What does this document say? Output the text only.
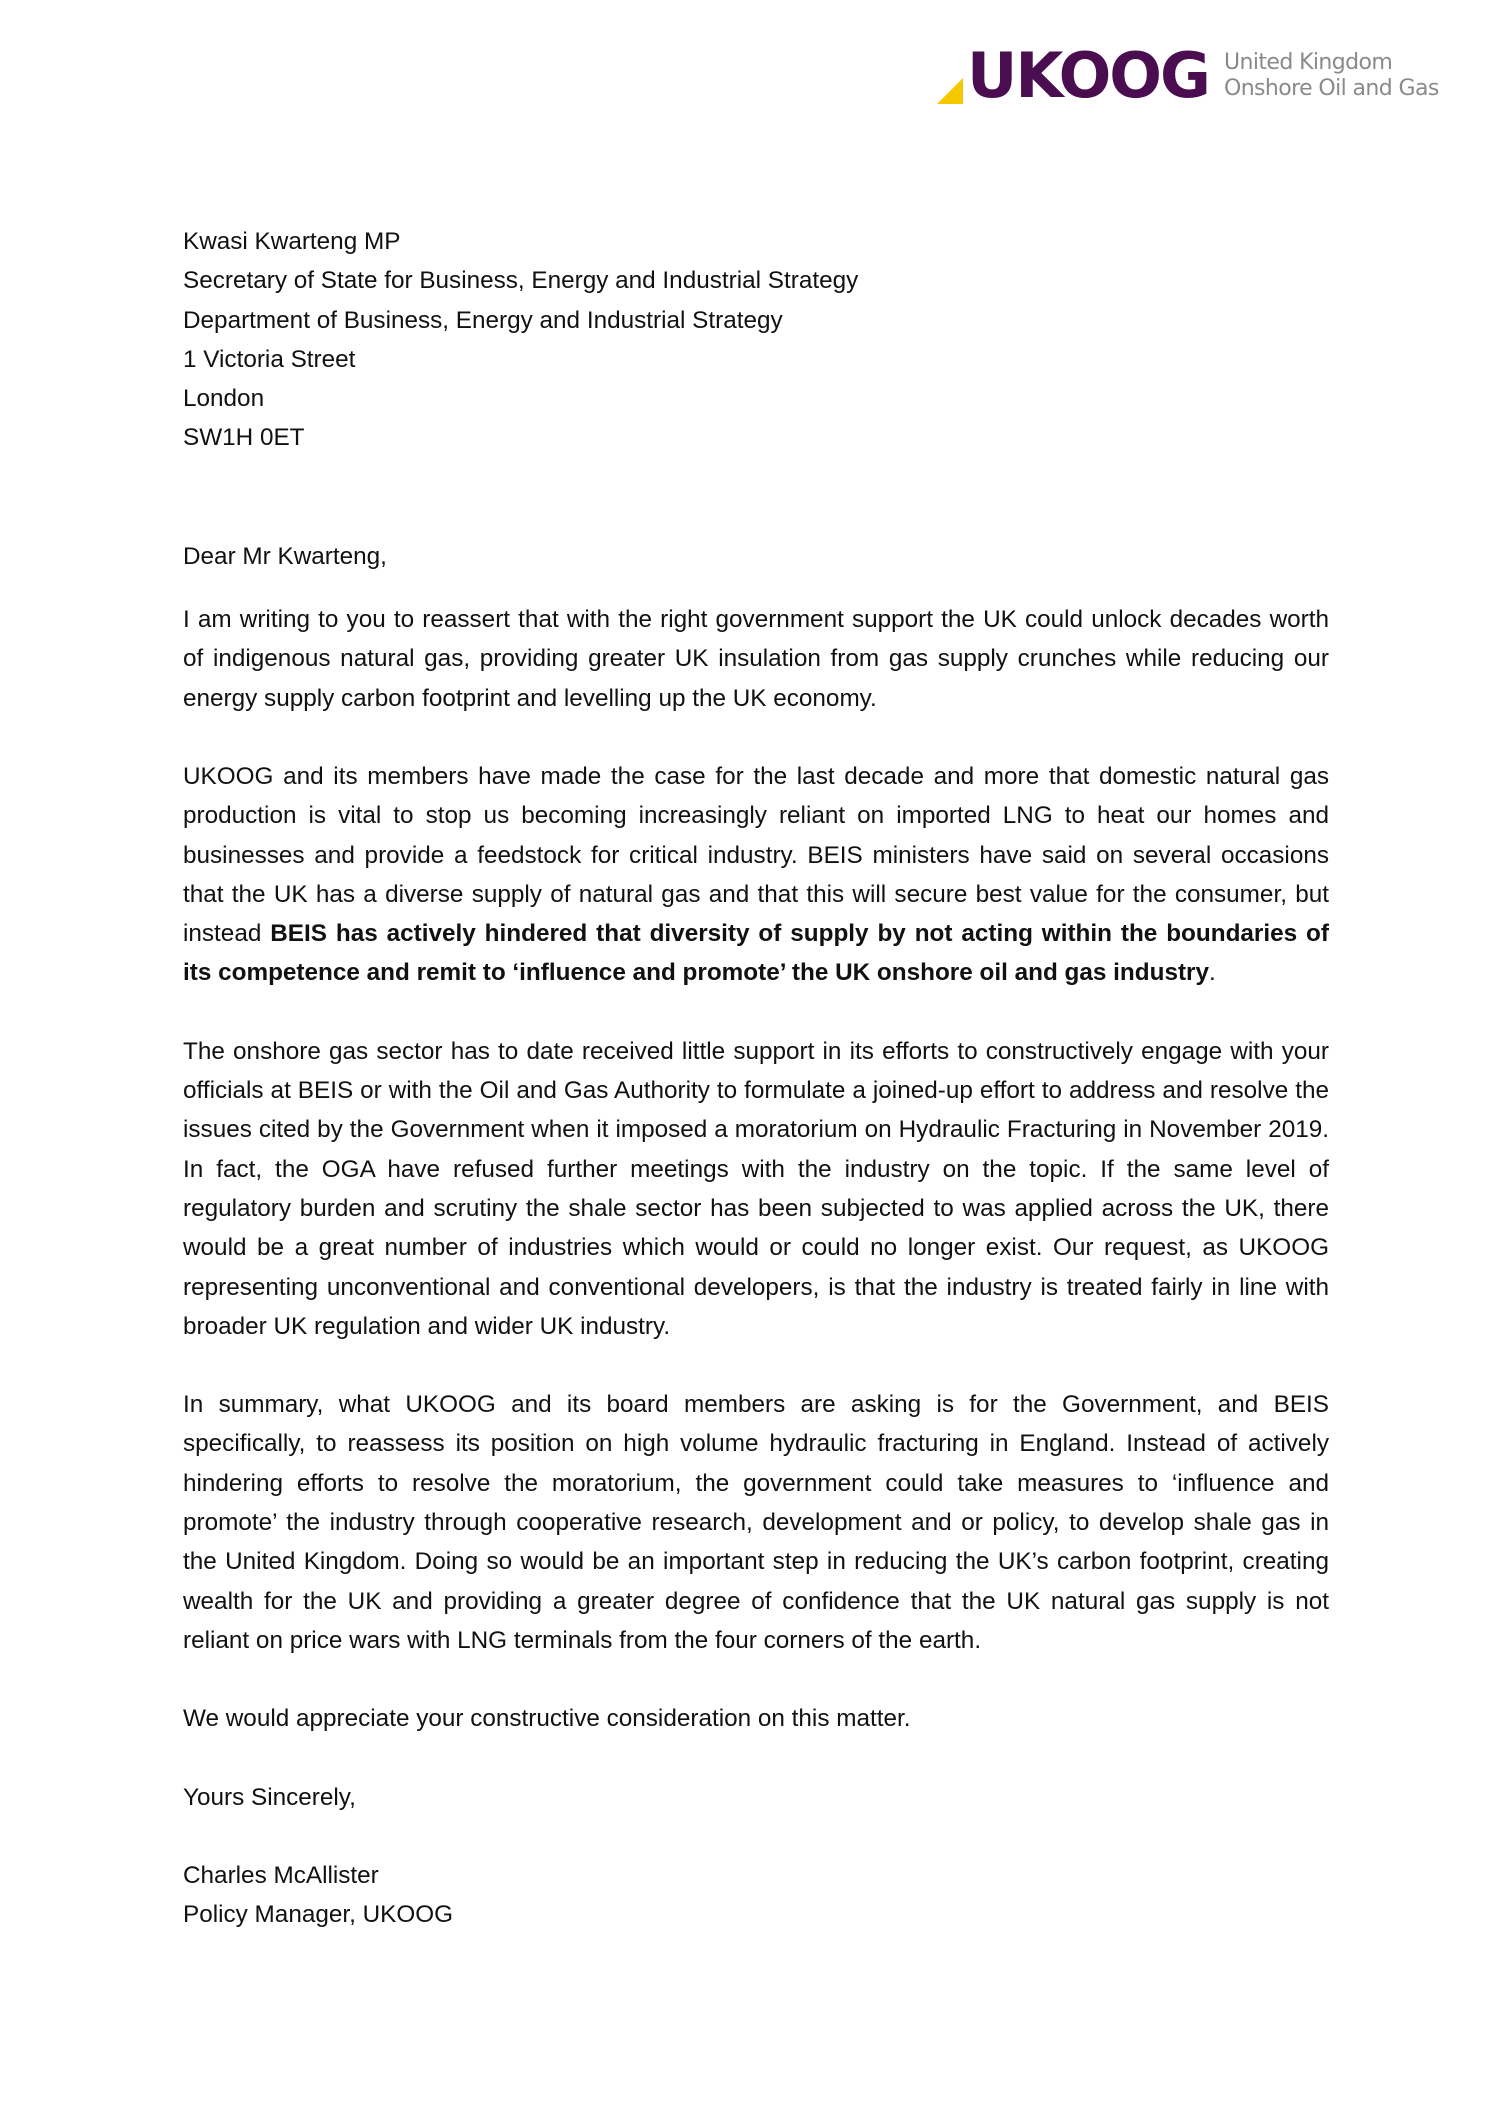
UKOOG United Kingdom
Onshore Oil and Gas
Kwasi Kwarteng MP
Secretary of State for Business, Energy and Industrial Strategy
Department of Business, Energy and Industrial Strategy
1 Victoria Street
London
SW1H 0ET
Dear Mr Kwarteng,

I am writing to you to reassert that with the right government support the UK could unlock decades worth of indigenous natural gas, providing greater UK insulation from gas supply crunches while reducing our energy supply carbon footprint and levelling up the UK economy.

UKOOG and its members have made the case for the last decade and more that domestic natural gas production is vital to stop us becoming increasingly reliant on imported LNG to heat our homes and businesses and provide a feedstock for critical industry. BEIS ministers have said on several occasions that the UK has a diverse supply of natural gas and that this will secure best value for the consumer, but instead BEIS has actively hindered that diversity of supply by not acting within the boundaries of its competence and remit to ‘influence and promote’ the UK onshore oil and gas industry.

The onshore gas sector has to date received little support in its efforts to constructively engage with your officials at BEIS or with the Oil and Gas Authority to formulate a joined-up effort to address and resolve the issues cited by the Government when it imposed a moratorium on Hydraulic Fracturing in November 2019. In fact, the OGA have refused further meetings with the industry on the topic. If the same level of regulatory burden and scrutiny the shale sector has been subjected to was applied across the UK, there would be a great number of industries which would or could no longer exist. Our request, as UKOOG representing unconventional and conventional developers, is that the industry is treated fairly in line with broader UK regulation and wider UK industry.

In summary, what UKOOG and its board members are asking is for the Government, and BEIS specifically, to reassess its position on high volume hydraulic fracturing in England. Instead of actively hindering efforts to resolve the moratorium, the government could take measures to ‘influence and promote’ the industry through cooperative research, development and or policy, to develop shale gas in the United Kingdom. Doing so would be an important step in reducing the UK’s carbon footprint, creating wealth for the UK and providing a greater degree of confidence that the UK natural gas supply is not reliant on price wars with LNG terminals from the four corners of the earth.

We would appreciate your constructive consideration on this matter.

Yours Sincerely,
Charles McAllister
Policy Manager, UKOOG
